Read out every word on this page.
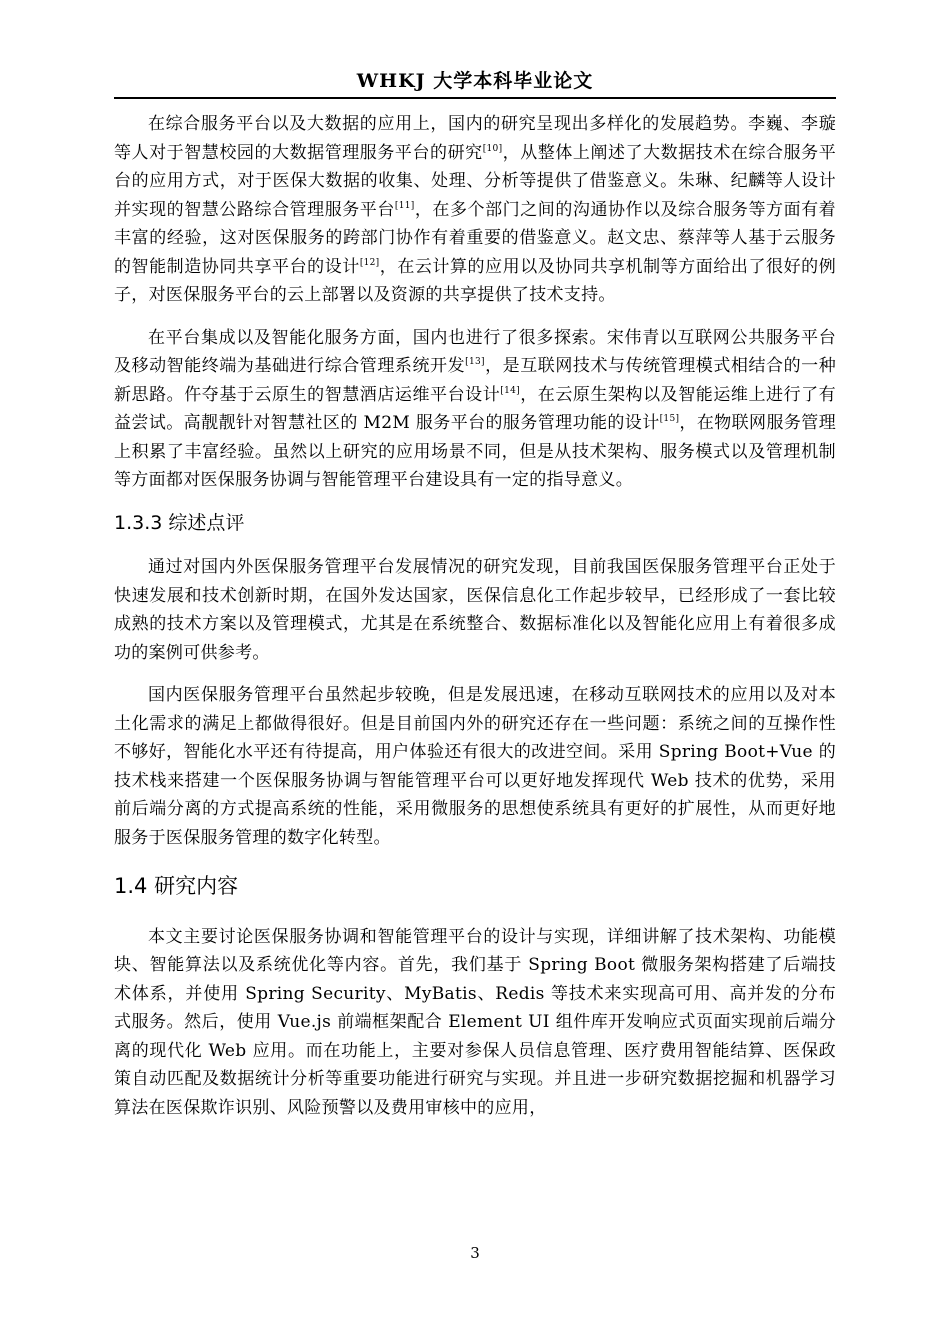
WHKJ 大学本科毕业论文

在综合服务平台以及大数据的应用上，国内的研究呈现出多样化的发展趋势。李巍、李璇等人对于智慧校园的大数据管理服务平台的研究[10]，从整体上阐述了大数据技术在综合服务平台的应用方式，对于医保大数据的收集、处理、分析等提供了借鉴意义。朱琳、纪麟等人设计并实现的智慧公路综合管理服务平台[11]，在多个部门之间的沟通协作以及综合服务等方面有着丰富的经验，这对医保服务的跨部门协作有着重要的借鉴意义。赵文忠、蔡萍等人基于云服务的智能制造协同共享平台的设计[12]，在云计算的应用以及协同共享机制等方面给出了很好的例子，对医保服务平台的云上部署以及资源的共享提供了技术支持。

在平台集成以及智能化服务方面，国内也进行了很多探索。宋伟青以互联网公共服务平台及移动智能终端为基础进行综合管理系统开发[13]，是互联网技术与传统管理模式相结合的一种新思路。仵夺基于云原生的智慧酒店运维平台设计[14]，在云原生架构以及智能运维上进行了有益尝试。高靓靓针对智慧社区的 M2M 服务平台的服务管理功能的设计[15]，在物联网服务管理上积累了丰富经验。虽然以上研究的应用场景不同，但是从技术架构、服务模式以及管理机制等方面都对医保服务协调与智能管理平台建设具有一定的指导意义。

1.3.3 综述点评

通过对国内外医保服务管理平台发展情况的研究发现，目前我国医保服务管理平台正处于快速发展和技术创新时期，在国外发达国家，医保信息化工作起步较早，已经形成了一套比较成熟的技术方案以及管理模式，尤其是在系统整合、数据标准化以及智能化应用上有着很多成功的案例可供参考。

国内医保服务管理平台虽然起步较晚，但是发展迅速，在移动互联网技术的应用以及对本土化需求的满足上都做得很好。但是目前国内外的研究还存在一些问题：系统之间的互操作性不够好，智能化水平还有待提高，用户体验还有很大的改进空间。采用 Spring Boot+Vue 的技术栈来搭建一个医保服务协调与智能管理平台可以更好地发挥现代 Web 技术的优势，采用前后端分离的方式提高系统的性能，采用微服务的思想使系统具有更好的扩展性，从而更好地服务于医保服务管理的数字化转型。

1.4 研究内容

本文主要讨论医保服务协调和智能管理平台的设计与实现，详细讲解了技术架构、功能模块、智能算法以及系统优化等内容。首先，我们基于 Spring Boot 微服务架构搭建了后端技术体系，并使用 Spring Security、MyBatis、Redis 等技术来实现高可用、高并发的分布式服务。然后，使用 Vue.js 前端框架配合 Element UI 组件库开发响应式页面实现前后端分离的现代化 Web 应用。而在功能上，主要对参保人员信息管理、医疗费用智能结算、医保政策自动匹配及数据统计分析等重要功能进行研究与实现。并且进一步研究数据挖掘和机器学习算法在医保欺诈识别、风险预警以及费用审核中的应用，

3
